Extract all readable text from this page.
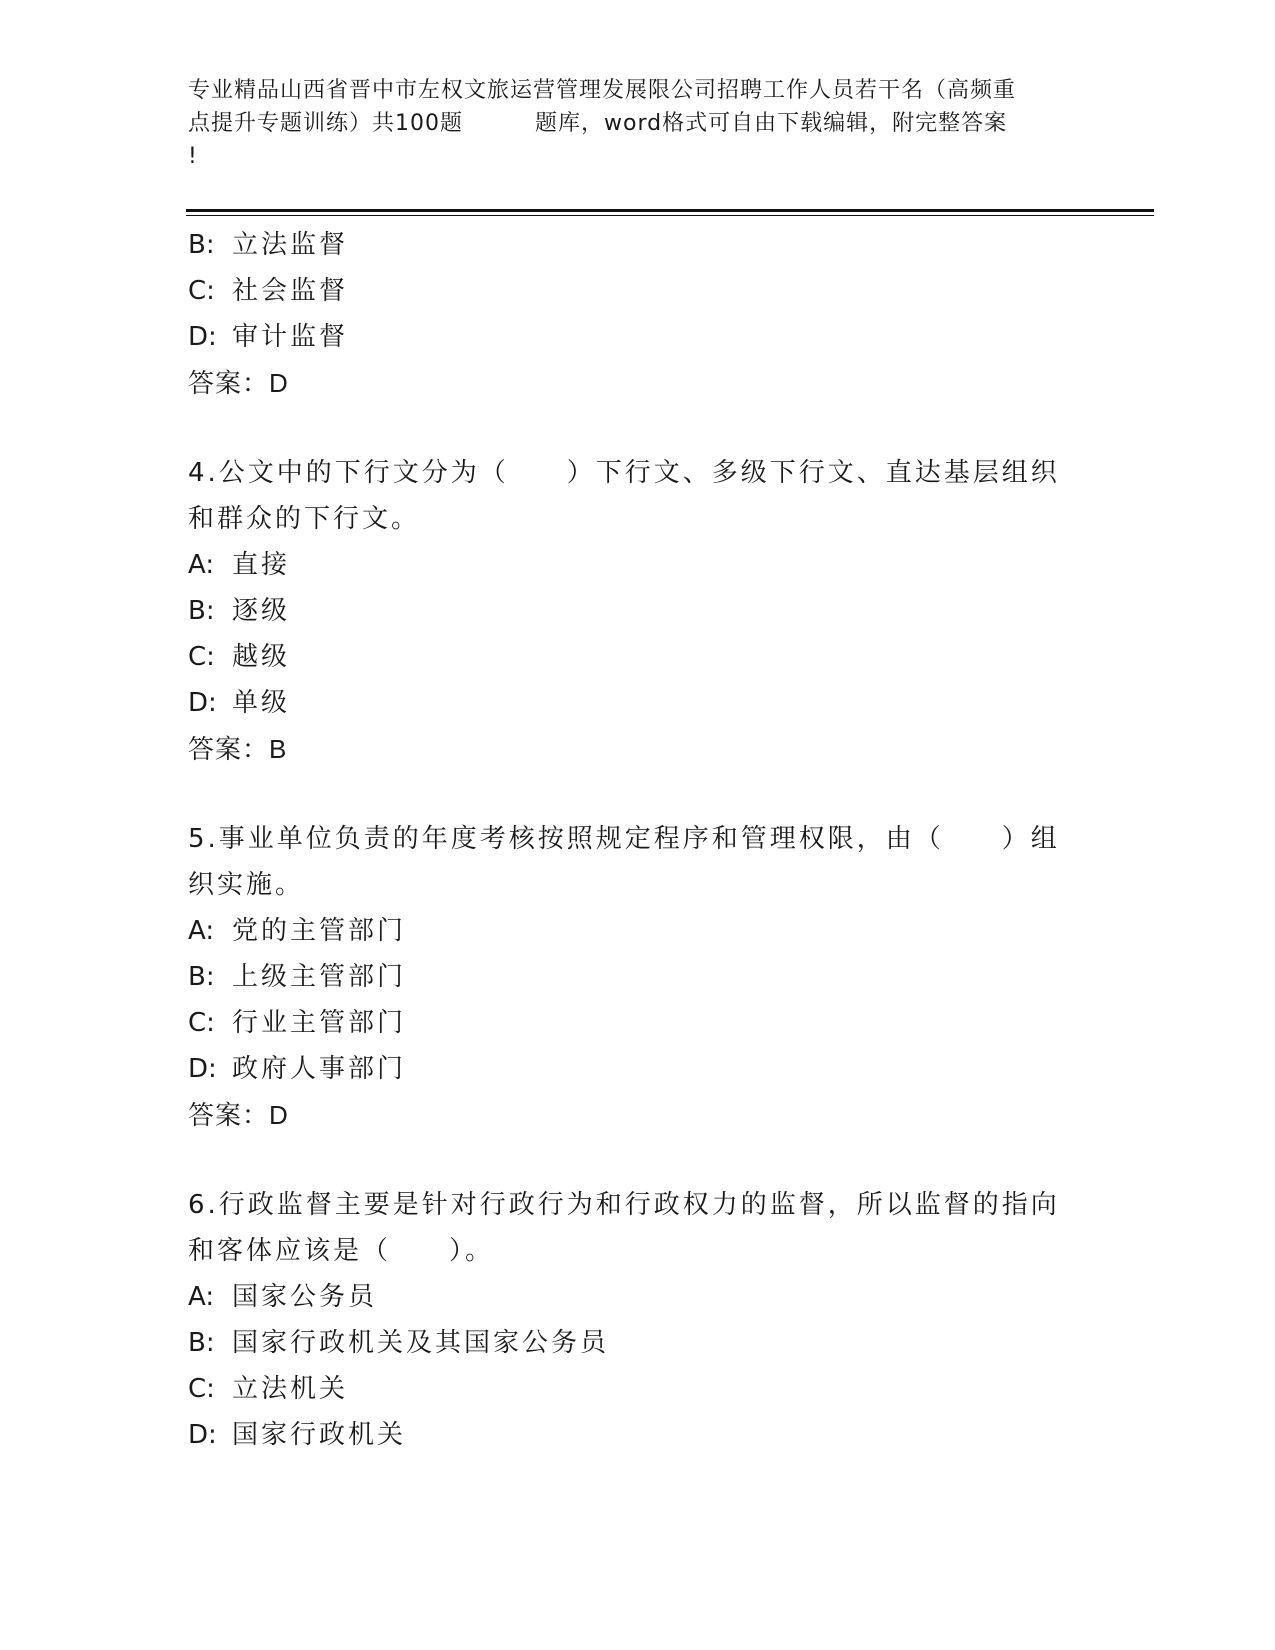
专业精品山西省晋中市左权文旅运营管理发展限公司招聘工作人员若干名（高频重
点提升专题训练）共100题	题库，word格式可自由下载编辑，附完整答案
!
B: 立法监督
C: 社会监督
D: 审计监督
答案：D
4.公文中的下行文分为（　　）下行文、多级下行文、直达基层组织
和群众的下行文。
A: 直接
B: 逐级
C: 越级
D: 单级
答案：B
5.事业单位负责的年度考核按照规定程序和管理权限，由（　　）组
织实施。
A: 党的主管部门
B: 上级主管部门
C: 行业主管部门
D: 政府人事部门
答案：D
6.行政监督主要是针对行政行为和行政权力的监督，所以监督的指向
和客体应该是（　　）。
A: 国家公务员
B: 国家行政机关及其国家公务员
C: 立法机关
D: 国家行政机关
